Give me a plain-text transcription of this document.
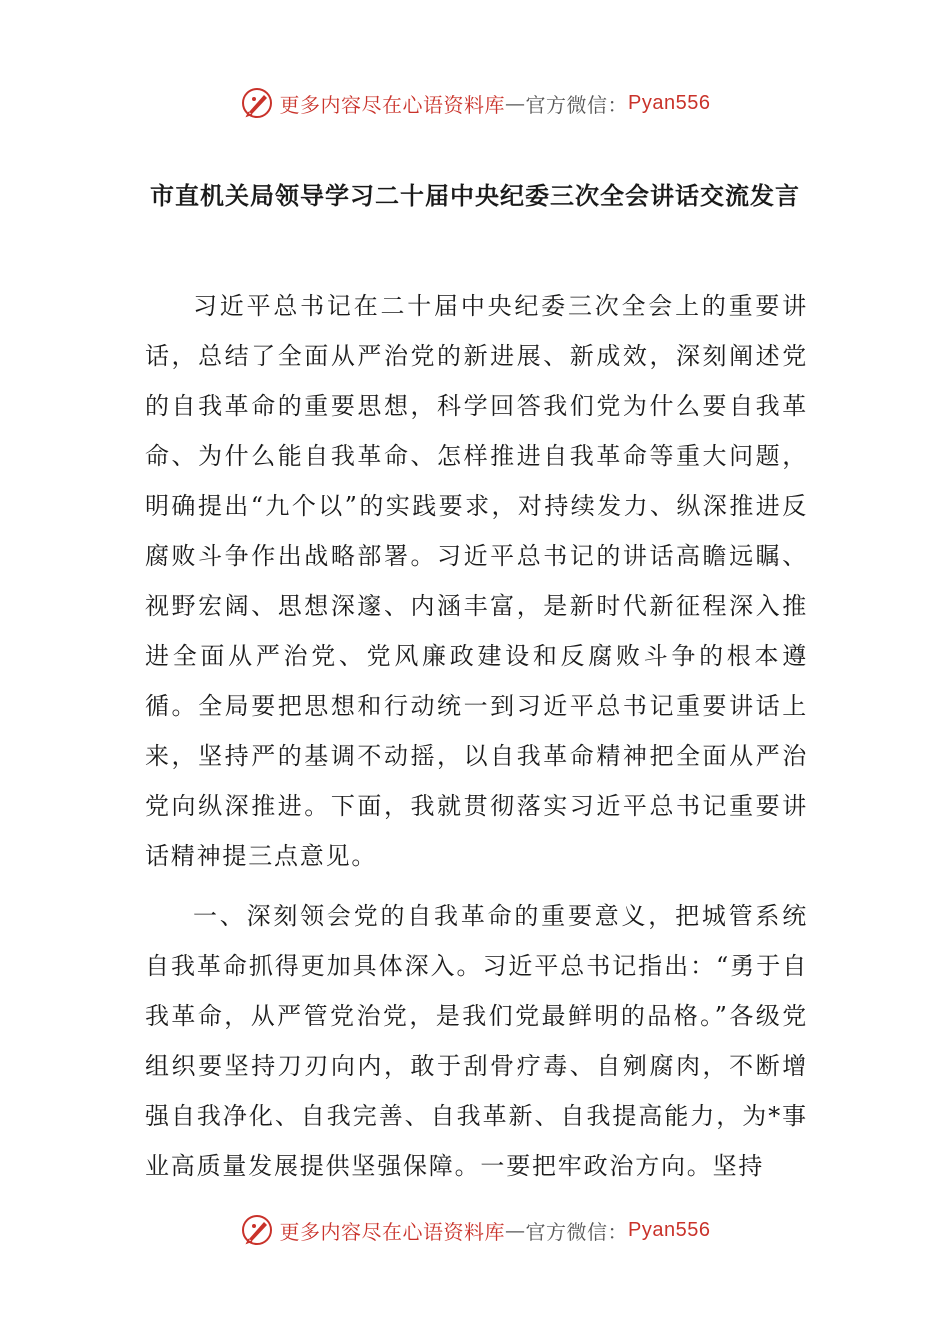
更多内容尽在心语资料库 — 官方微信： Pyan556
市直机关局领导学习二十届中央纪委三次全会讲话交流发言

习近平总书记在二十届中央纪委三次全会上的重要讲话，总结了全面从严治党的新进展、新成效，深刻阐述党的自我革命的重要思想，科学回答我们党为什么要自我革命、为什么能自我革命、怎样推进自我革命等重大问题，明确提出“九个以”的实践要求，对持续发力、纵深推进反腐败斗争作出战略部署。习近平总书记的讲话高瞻远瞩、视野宏阔、思想深邃、内涵丰富，是新时代新征程深入推进全面从严治党、党风廉政建设和反腐败斗争的根本遵循。全局要把思想和行动统一到习近平总书记重要讲话上来，坚持严的基调不动摇，以自我革命精神把全面从严治党向纵深推进。下面，我就贯彻落实习近平总书记重要讲话精神提三点意见。

一、深刻领会党的自我革命的重要意义，把城管系统自我革命抓得更加具体深入。习近平总书记指出：“勇于自我革命，从严管党治党，是我们党最鲜明的品格。”各级党组织要坚持刀刃向内，敢于刮骨疗毒、自剜腐肉，不断增强自我净化、自我完善、自我革新、自我提高能力，为*事业高质量发展提供坚强保障。一要把牢政治方向。坚持

更多内容尽在心语资料库 — 官方微信： Pyan556
